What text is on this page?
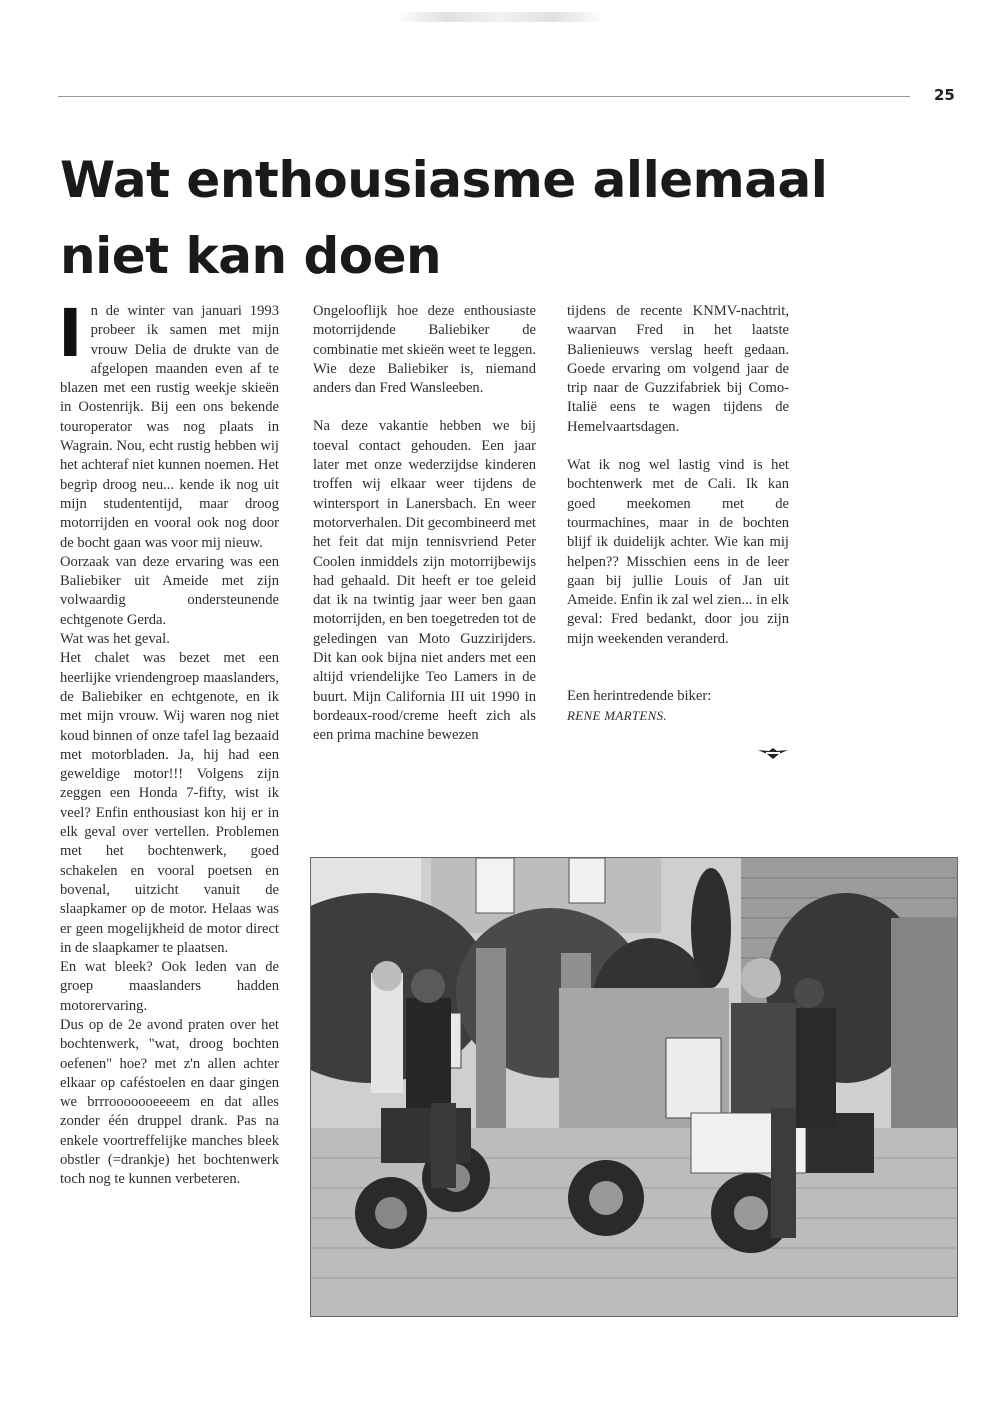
25
Wat enthousiasme allemaal
niet kan doen

In de winter van januari 1993 probeer ik samen met mijn vrouw Delia de drukte van de afgelopen maanden even af te blazen met een rustig weekje skieën in Oostenrijk. Bij een ons bekende touroperator was nog plaats in Wagrain. Nou, echt rustig hebben wij het achteraf niet kunnen noemen. Het begrip droog neu... kende ik nog uit mijn studententijd, maar droog motorrijden en vooral ook nog door de bocht gaan was voor mij nieuw.

Oorzaak van deze ervaring was een Baliebiker uit Ameide met zijn volwaardig ondersteunende echtgenote Gerda.

Wat was het geval.

Het chalet was bezet met een heerlijke vriendengroep maaslanders, de Baliebiker en echtgenote, en ik met mijn vrouw. Wij waren nog niet koud binnen of onze tafel lag bezaaid met motorbladen. Ja, hij had een geweldige motor!!! Volgens zijn zeggen een Honda 7-fifty, wist ik veel? Enfin enthousiast kon hij er in elk geval over vertellen. Problemen met het bochtenwerk, goed schakelen en vooral poetsen en bovenal, uitzicht vanuit de slaapkamer op de motor. Helaas was er geen mogelijkheid de motor direct in de slaapkamer te plaatsen.

En wat bleek? Ook leden van de groep maaslanders hadden motorervaring.

Dus op de 2e avond praten over het bochtenwerk, "wat, droog bochten oefenen" hoe? met z'n allen achter elkaar op caféstoelen en daar gingen we brrrooooooeeeem en dat alles zonder één druppel drank. Pas na enkele voortreffelijke manches bleek obstler (=drankje) het bochtenwerk toch nog te kunnen verbeteren.

Ongelooflijk hoe deze enthousiaste motorrijdende Baliebiker de combinatie met skieën weet te leggen. Wie deze Baliebiker is, niemand anders dan Fred Wansleeben.

Na deze vakantie hebben we bij toeval contact gehouden. Een jaar later met onze wederzijdse kinderen troffen wij elkaar weer tijdens de wintersport in Lanersbach. En weer motorverhalen. Dit gecombineerd met het feit dat mijn tennisvriend Peter Coolen inmiddels zijn motorrijbewijs had gehaald. Dit heeft er toe geleid dat ik na twintig jaar weer ben gaan motorrijden, en ben toegetreden tot de geledingen van Moto Guzzirijders. Dit kan ook bijna niet anders met een altijd vriendelijke Teo Lamers in de buurt. Mijn California III uit 1990 in bordeaux-rood/creme heeft zich als een prima machine bewezen

tijdens de recente KNMV-nachtrit, waarvan Fred in het laatste Balienieuws verslag heeft gedaan. Goede ervaring om volgend jaar de trip naar de Guzzifabriek bij Como-Italië eens te wagen tijdens de Hemelvaartsdagen.

Wat ik nog wel lastig vind is het bochtenwerk met de Cali. Ik kan goed meekomen met de tourmachines, maar in de bochten blijf ik duidelijk achter. Wie kan mij helpen?? Misschien eens in de leer gaan bij jullie Louis of Jan uit Ameide. Enfin ik zal wel zien... in elk geval: Fred bedankt, door jou zijn mijn weekenden veranderd.

Een herintredende biker:

RENE MARTENS.
